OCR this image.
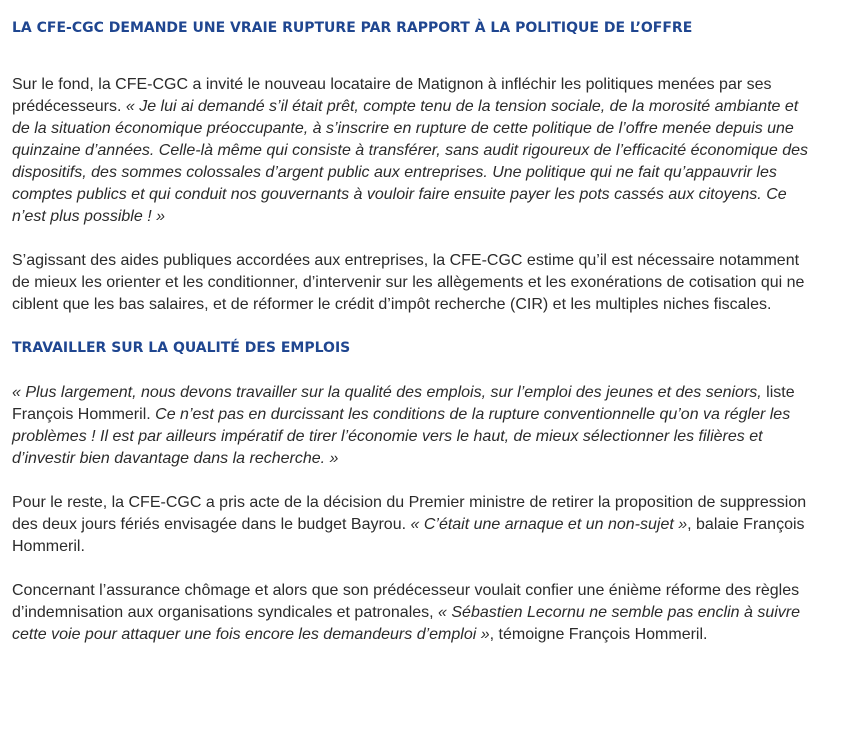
LA CFE-CGC DEMANDE UNE VRAIE RUPTURE PAR RAPPORT À LA POLITIQUE DE L’OFFRE

Sur le fond, la CFE-CGC a invité le nouveau locataire de Matignon à infléchir les politiques menées par ses prédécesseurs. « Je lui ai demandé s’il était prêt, compte tenu de la tension sociale, de la morosité ambiante et de la situation économique préoccupante, à s’inscrire en rupture de cette politique de l’offre menée depuis une quinzaine d’années. Celle-là même qui consiste à transférer, sans audit rigoureux de l’efficacité économique des dispositifs, des sommes colossales d’argent public aux entreprises. Une politique qui ne fait qu’appauvrir les comptes publics et qui conduit nos gouvernants à vouloir faire ensuite payer les pots cassés aux citoyens. Ce n’est plus possible ! »

S’agissant des aides publiques accordées aux entreprises, la CFE-CGC estime qu’il est nécessaire notamment de mieux les orienter et les conditionner, d’intervenir sur les allègements et les exonérations de cotisation qui ne ciblent que les bas salaires, et de réformer le crédit d’impôt recherche (CIR) et les multiples niches fiscales.

TRAVAILLER SUR LA QUALITÉ DES EMPLOIS

« Plus largement, nous devons travailler sur la qualité des emplois, sur l’emploi des jeunes et des seniors, liste François Hommeril. Ce n’est pas en durcissant les conditions de la rupture conventionnelle qu’on va régler les problèmes ! Il est par ailleurs impératif de tirer l’économie vers le haut, de mieux sélectionner les filières et d’investir bien davantage dans la recherche. »

Pour le reste, la CFE-CGC a pris acte de la décision du Premier ministre de retirer la proposition de suppression des deux jours fériés envisagée dans le budget Bayrou. « C’était une arnaque et un non-sujet », balaie François Hommeril.

Concernant l’assurance chômage et alors que son prédécesseur voulait confier une énième réforme des règles d’indemnisation aux organisations syndicales et patronales, « Sébastien Lecornu ne semble pas enclin à suivre cette voie pour attaquer une fois encore les demandeurs d’emploi », témoigne François Hommeril.
